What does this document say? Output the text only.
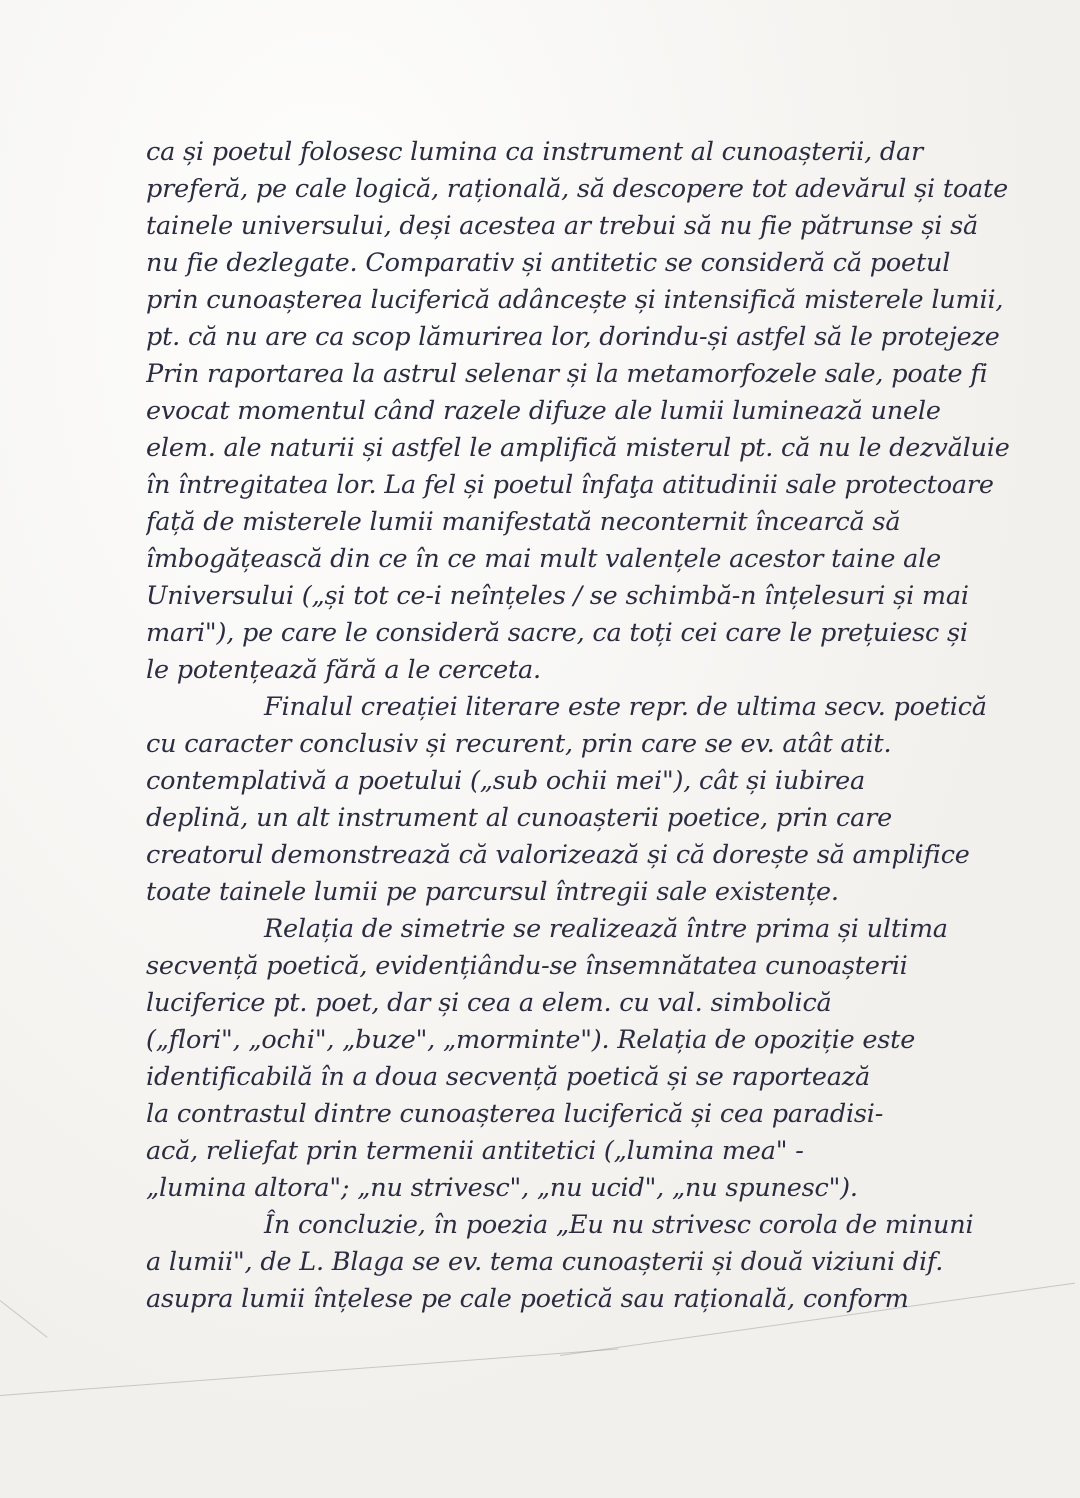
ca și poetul folosesc lumina ca instrument al cunoașterii, dar
preferă, pe cale logică, rațională, să descopere tot adevărul și toate
tainele universului, deși acestea ar trebui să nu fie pătrunse și să
nu fie dezlegate. Comparativ și antitetic se consideră că poetul
prin cunoașterea luciferică adâncește și intensifică misterele lumii,
pt. că nu are ca scop lămurirea lor, dorindu-și astfel să le protejeze
Prin raportarea la astrul selenar și la metamorfozele sale, poate fi
evocat momentul când razele difuze ale lumii luminează unele
elem. ale naturii și astfel le amplifică misterul pt. că nu le dezvăluie
în întregitatea lor. La fel și poetul înfaţa atitudinii sale protectoare
față de misterele lumii manifestată neconternit încearcă să
îmbogățească din ce în ce mai mult valențele acestor taine ale
Universului („și tot ce-i neînțeles / se schimbă-n înțelesuri și mai
mari"), pe care le consideră sacre, ca toți cei care le prețuiesc și
le potențează fără a le cerceta.
Finalul creației literare este repr. de ultima secv. poetică
cu caracter conclusiv și recurent, prin care se ev. atât atit.
contemplativă a poetului („sub ochii mei"), cât și iubirea
deplină, un alt instrument al cunoașterii poetice, prin care
creatorul demonstrează că valorizează și că dorește să amplifice
toate tainele lumii pe parcursul întregii sale existențe.
Relația de simetrie se realizează între prima și ultima
secvență poetică, evidențiându-se însemnătatea cunoașterii
luciferice pt. poet, dar și cea a elem. cu val. simbolică
(„flori", „ochi", „buze", „morminte"). Relația de opoziție este
identificabilă în a doua secvență poetică și se raportează
la contrastul dintre cunoașterea luciferică și cea paradisi-
acă, reliefat prin termenii antitetici („lumina mea" -
„lumina altora"; „nu strivesc", „nu ucid", „nu spunesc").
În concluzie, în poezia „Eu nu strivesc corola de minuni
a lumii", de L. Blaga se ev. tema cunoașterii și două viziuni dif.
asupra lumii înțelese pe cale poetică sau rațională, conform
